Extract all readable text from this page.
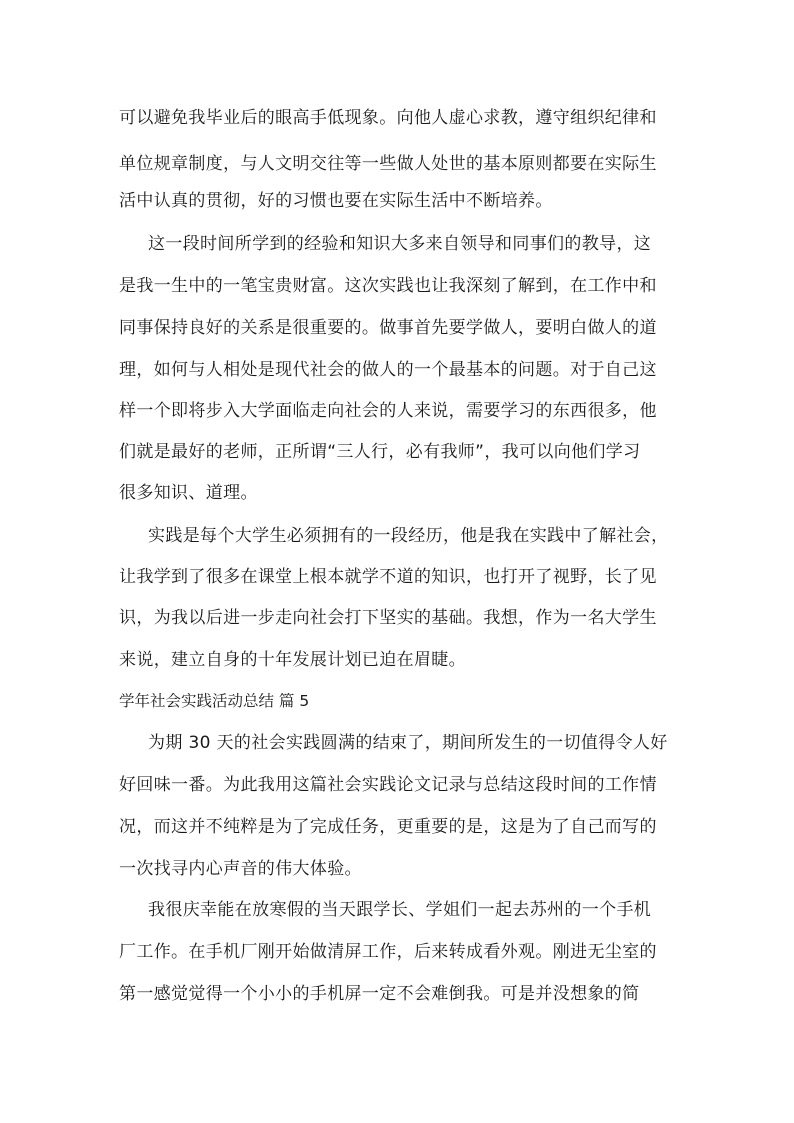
可以避免我毕业后的眼高手低现象。向他人虚心求教，遵守组织纪律和
单位规章制度，与人文明交往等一些做人处世的基本原则都要在实际生
活中认真的贯彻，好的习惯也要在实际生活中不断培养。
这一段时间所学到的经验和知识大多来自领导和同事们的教导，这
是我一生中的一笔宝贵财富。这次实践也让我深刻了解到，在工作中和
同事保持良好的关系是很重要的。做事首先要学做人，要明白做人的道
理，如何与人相处是现代社会的做人的一个最基本的问题。对于自己这
样一个即将步入大学面临走向社会的人来说，需要学习的东西很多，他
们就是最好的老师，正所谓“三人行，必有我师”，我可以向他们学习
很多知识、道理。
实践是每个大学生必须拥有的一段经历，他是我在实践中了解社会，
让我学到了很多在课堂上根本就学不道的知识，也打开了视野，长了见
识，为我以后进一步走向社会打下坚实的基础。我想，作为一名大学生
来说，建立自身的十年发展计划已迫在眉睫。
学年社会实践活动总结 篇 5
为期 30 天的社会实践圆满的结束了，期间所发生的一切值得令人好
好回味一番。为此我用这篇社会实践论文记录与总结这段时间的工作情
况，而这并不纯粹是为了完成任务，更重要的是，这是为了自己而写的
一次找寻内心声音的伟大体验。
我很庆幸能在放寒假的当天跟学长、学姐们一起去苏州的一个手机
厂工作。在手机厂刚开始做清屏工作，后来转成看外观。刚进无尘室的
第一感觉觉得一个小小的手机屏一定不会难倒我。可是并没想象的简
